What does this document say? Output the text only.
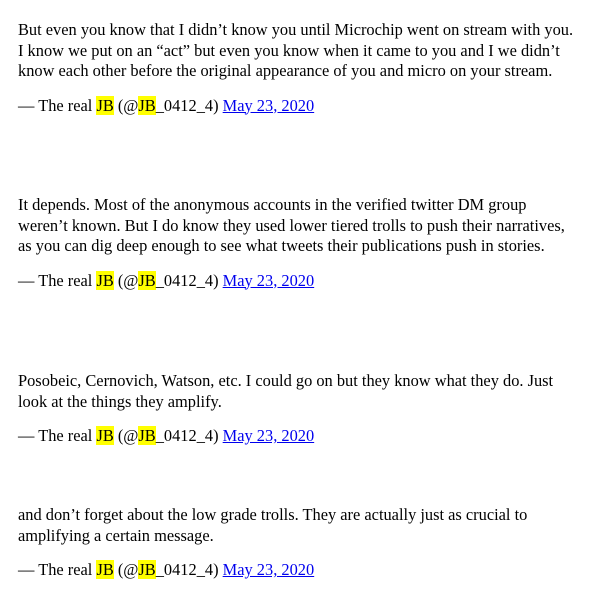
But even you know that I didn’t know you until Microchip went on stream with you. I know we put on an “act” but even you know when it came to you and I we didn’t know each other before the original appearance of you and micro on your stream.

— The real JB (@JB_0412_4) May 23, 2020

It depends. Most of the anonymous accounts in the verified twitter DM group weren’t known. But I do know they used lower tiered trolls to push their narratives, as you can dig deep enough to see what tweets their publications push in stories.

— The real JB (@JB_0412_4) May 23, 2020

Posobeic, Cernovich, Watson, etc. I could go on but they know what they do. Just look at the things they amplify.

— The real JB (@JB_0412_4) May 23, 2020

and don’t forget about the low grade trolls. They are actually just as crucial to amplifying a certain message.

— The real JB (@JB_0412_4) May 23, 2020
